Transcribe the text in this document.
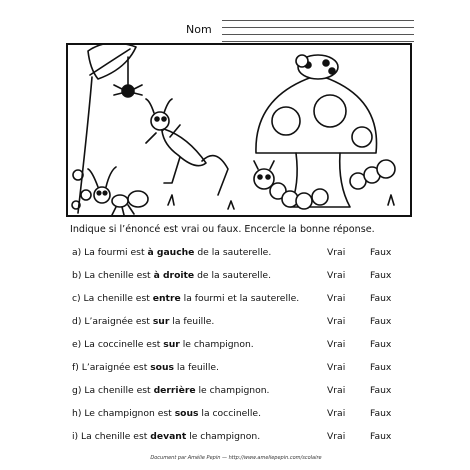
Nom
Indique si l’énoncé est vrai ou faux. Encercle la bonne réponse.
a) La fourmi est à gauche de la sauterelle.	Vrai	Faux
b) La chenille est à droite de la sauterelle.	Vrai	Faux
c) La chenille est entre la fourmi et la sauterelle.	Vrai	Faux
d) L’araignée est sur la feuille.	Vrai	Faux
e) La coccinelle est sur le champignon.	Vrai	Faux
f) L’araignée est sous la feuille.	Vrai	Faux
g) La chenille est derrière le champignon.	Vrai	Faux
h) Le champignon est sous la coccinelle.	Vrai	Faux
i) La chenille est devant le champignon.	Vrai	Faux
Document par Amélie Pepin — http://www.ameliepepin.com/scolaire
